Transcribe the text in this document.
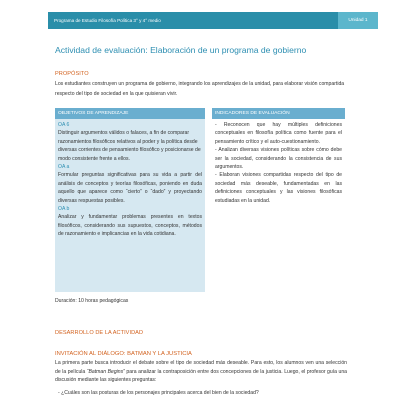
Programa de Estudio Filosofía Política 3° y 4° medio	Unidad 1
Actividad de evaluación: Elaboración de un programa de gobierno
PROPÓSITO
Los estudiantes construyen un programa de gobierno, integrando los aprendizajes de la unidad, para elaborar visión compartida respecto del tipo de sociedad en la que quisieran vivir.
OBJETIVOS DE APRENDIZAJE
OA 6
Distinguir argumentos válidos o falaces, a fin de comparar razonamientos filosóficos relativos al poder y la política desde diversas corrientes de pensamiento filosófico y posicionarse de modo consistente frente a ellos.
OA a
Formular preguntas significativas para su vida a partir del análisis de conceptos y teorías filosóficas, poniendo en duda aquello que aparece como “cierto” o “dado” y proyectando diversas respuestas posibles.
OA b
Analizar y fundamentar problemas presentes en textos filosóficos, considerando sus supuestos, conceptos, métodos de razonamiento e implicancias en la vida cotidiana.
INDICADORES DE EVALUACIÓN
- Reconocen que hay múltiples definiciones conceptuales en filosofía política como fuente para el pensamiento crítico y el auto-cuestionamiento.
- Analizan diversas visiones políticas sobre cómo debe ser la sociedad, considerando la consistencia de sus argumentos.
- Elaboran visiones compartidas respecto del tipo de sociedad más deseable, fundamentadas en las definiciones conceptuales y las visiones filosóficas estudiadas en la unidad.
Duración: 10 horas pedagógicas
DESARROLLO DE LA ACTIVIDAD
INVITACIÓN AL DIÁLOGO: BATMAN Y LA JUSTICIA
La primera parte busca introducir el debate sobre el tipo de sociedad más deseable. Para esto, los alumnos ven una selección de la película “Batman Begins” para analizar la contraposición entre dos concepciones de la justicia. Luego, el profesor guía una discusión mediante las siguientes preguntas:
- ¿Cuáles son las posturas de los personajes principales acerca del bien de la sociedad?
